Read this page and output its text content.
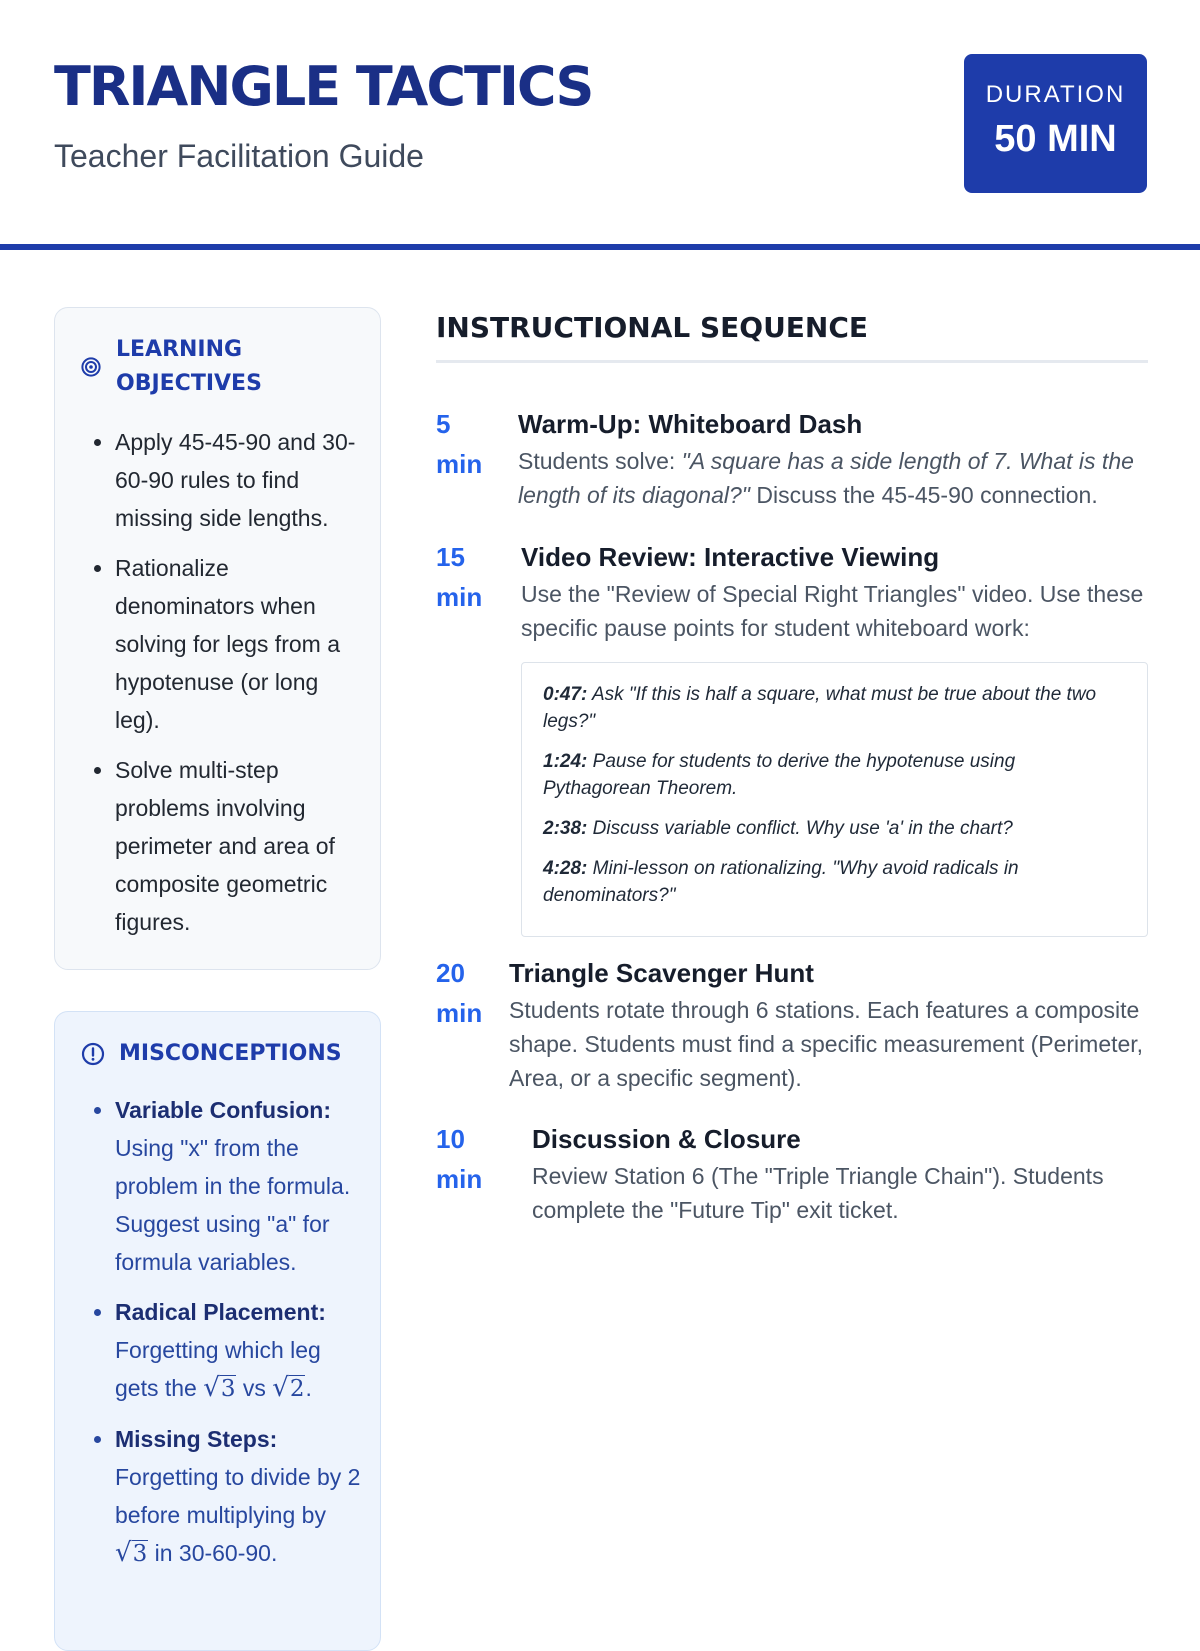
TRIANGLE TACTICS
Teacher Facilitation Guide
DURATION
50 MIN
LEARNING OBJECTIVES
• Apply 45-45-90 and 30-60-90 rules to find missing side lengths.
• Rationalize denominators when solving for legs from a hypotenuse (or long leg).
• Solve multi-step problems involving perimeter and area of composite geometric figures.
MISCONCEPTIONS
• Variable Confusion: Using "x" from the problem in the formula. Suggest using "a" for formula variables.
• Radical Placement: Forgetting which leg gets the √3 vs √2.
• Missing Steps: Forgetting to divide by 2 before multiplying by √3 in 30-60-90.
INSTRUCTIONAL SEQUENCE
5
min
Warm-Up: Whiteboard Dash

Students solve: "A square has a side length of 7. What is the length of its diagonal?" Discuss the 45-45-90 connection.

15
min
Video Review: Interactive Viewing

Use the "Review of Special Right Triangles" video. Use these specific pause points for student whiteboard work:

0:47: Ask "If this is half a square, what must be true about the two legs?"
1:24: Pause for students to derive the hypotenuse using Pythagorean Theorem.
2:38: Discuss variable conflict. Why use 'a' in the chart?
4:28: Mini-lesson on rationalizing. "Why avoid radicals in denominators?"
20
min
Triangle Scavenger Hunt

Students rotate through 6 stations. Each features a composite shape. Students must find a specific measurement (Perimeter, Area, or a specific segment).

10
min
Discussion & Closure

Review Station 6 (The "Triple Triangle Chain"). Students complete the "Future Tip" exit ticket.
